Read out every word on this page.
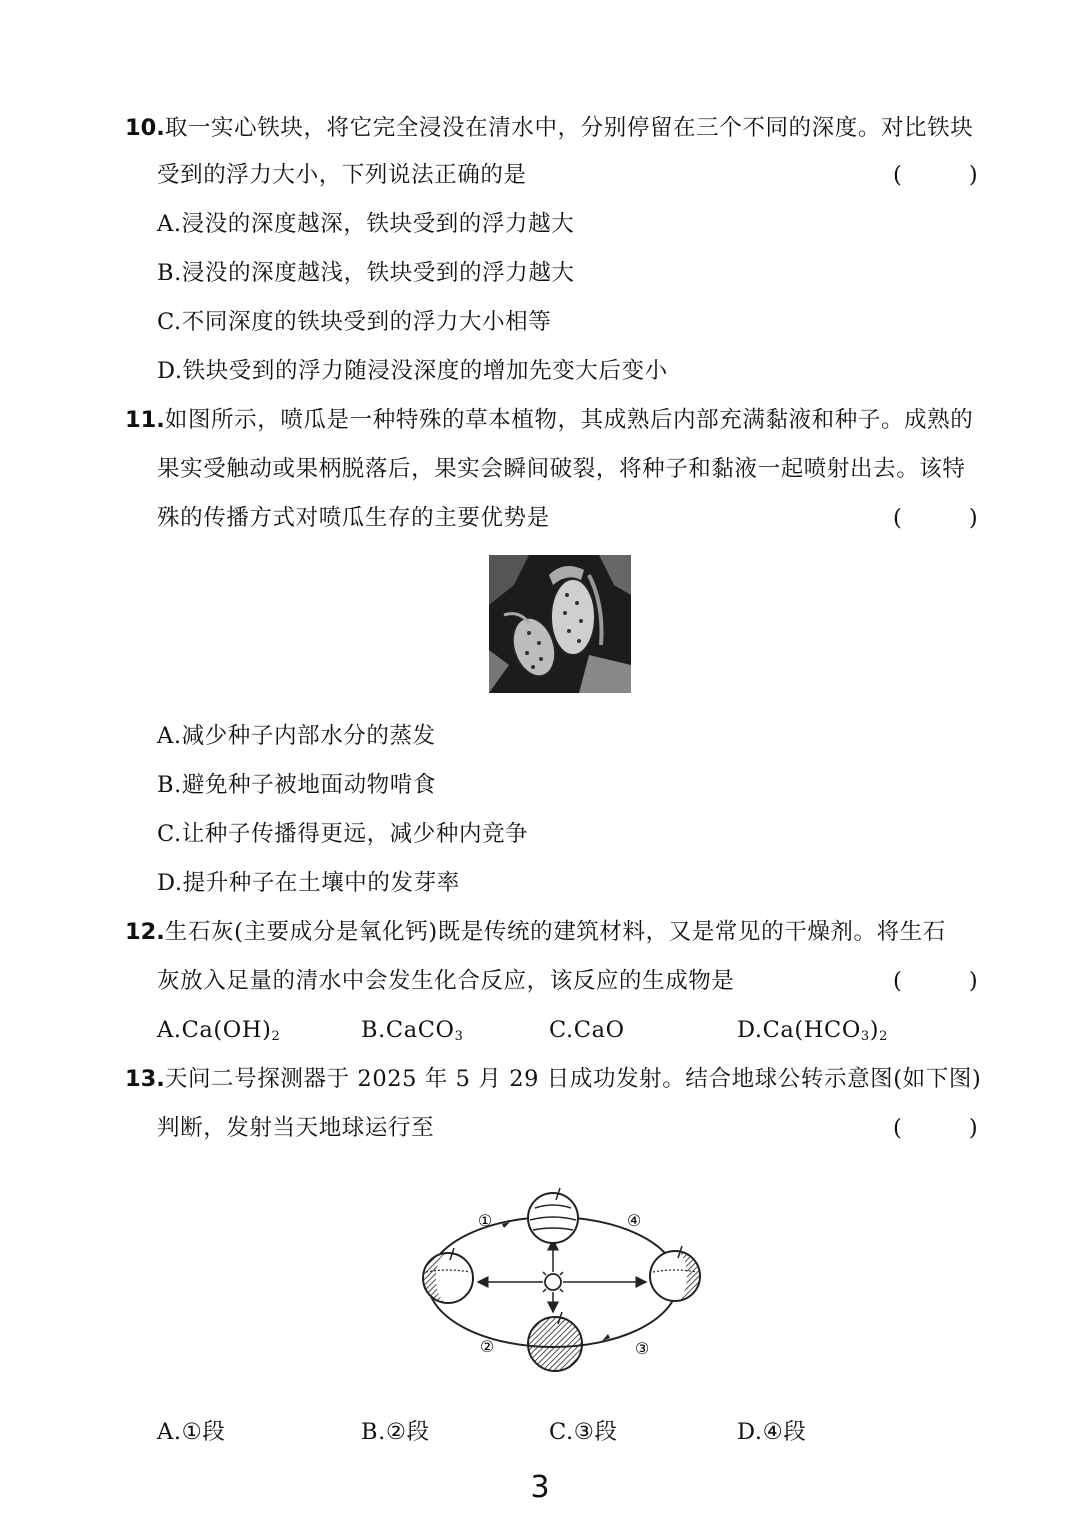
10.取一实心铁块，将它完全浸没在清水中，分别停留在三个不同的深度。对比铁块
受到的浮力大小，下列说法正确的是	( )
A.浸没的深度越深，铁块受到的浮力越大
B.浸没的深度越浅，铁块受到的浮力越大
C.不同深度的铁块受到的浮力大小相等
D.铁块受到的浮力随浸没深度的增加先变大后变小
11.如图所示，喷瓜是一种特殊的草本植物，其成熟后内部充满黏液和种子。成熟的
果实受触动或果柄脱落后，果实会瞬间破裂，将种子和黏液一起喷射出去。该特
殊的传播方式对喷瓜生存的主要优势是	( )
A.减少种子内部水分的蒸发
B.避免种子被地面动物啃食
C.让种子传播得更远，减少种内竞争
D.提升种子在土壤中的发芽率
12.生石灰(主要成分是氧化钙)既是传统的建筑材料，又是常见的干燥剂。将生石
灰放入足量的清水中会发生化合反应，该反应的生成物是	( )
$A.Ca(OH)_2$	B.CaCO$_3$	C.CaO	$D.Ca(HCO_3)_2$
13.天问二号探测器于 2025 年 5 月 29 日成功发射。结合地球公转示意图(如下图)
判断，发射当天地球运行至	( )
①
②	③
④
A.①段	B.②段	C.③段	D.④段
3
